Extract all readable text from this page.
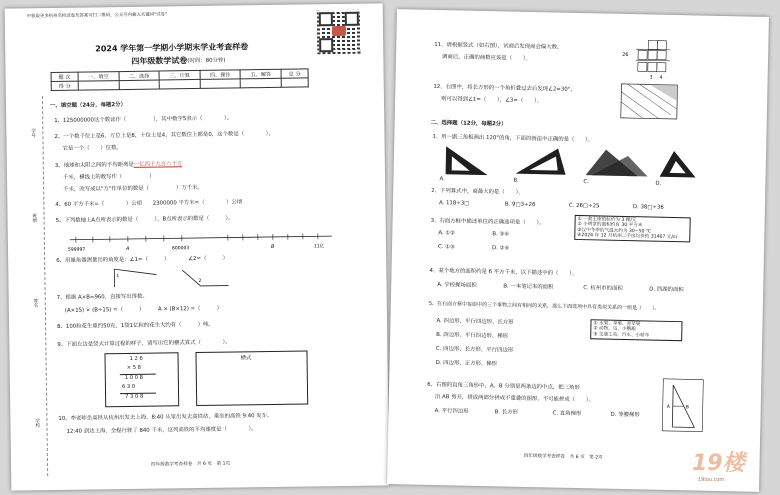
中获取更多杭州名校试卷及答案可扫二维码，公众号内输入关键词"试卷"
2024 学年第一学期小学期末学业考查样卷
四年级数学试卷 (时间：80分钟)
题 次	一、填空	二、选择	三、计算	四、操作	五、解答	总 分
得 分						
学号
班级
姓名
学校
一、填空题（24分，每题2分）
1、125000000这个数读作（　　　　　），其中数字5表示（　　　　）。
2、一个数千位上是6，万位上是8，十位上是4，其它数位上都是0，这个数是（　　　　），
它是一个（　　）位数。
3、地球和太阳之间的平均距离是一亿四千九百六十万
千米，横线上的数写作（　　　　　）
千米，改写成以"万"作单位的数是（　　　　　）万千米。
4、60 平方千米=（　　　　）公顷　　2300000 平方米=（　　　　）公顷
5、下列数轴上A点所表示的数是（　　　），B点所表示的数是（　　　）。
599997	A	600003	B	11亿
6、用量角器测量出的角度是：∠1=（　　　）　　　　∠2=（　　　）
1
2
7、根据 A×B=960，直接写出得数。
(A×15) × (B÷15) =（　　　）　　　A × (B×12) =（　　　）
8、100粒花生重约50克，1袋1亿粒的花生大约有（　　　）吨。
9、下面左边是竖式计算过程的样子，请写出它的横式算式（　　　　）。
1 2 6
× 5 8
1 0 0 8
6 3 0
7 3 0 8
横式
10、李老师坐高铁从杭州出发去上海，8:40 从家出发去高铁站，乘坐的高铁 9:40 发车，
12:40 到达上海，全程行驶了 840 千米，这列高铁的平均速度是（　　　　）。
四年级数学考查样卷　共 6 页　第 1页
11、请根据竖式（如右图），试商后发现商会偏大数。
调商后，正确的商数应该是（　　）。	26
3 4
12、右图中，将长方形的一个角折叠过去后发现∠2=30°，
则可以得到∠1=（　　），∠3=（　　）。
二、选择题（12分，每题2分）
1、用一副三角板画出 120°的角，下面的画法中正确的是（　　）。
A.	B.	C.	D.
2、下列算式中，商最大的是（　　）。
A. 118÷3□	B. 9□3÷26	C. 26□÷25	D. 38□÷36
3、右面方框中描述单位的正确选项是（　　）。
A. ①②	B. ③④
C. ①③	D. ②④
① 一款王座的标价为 3 棵/元
② 小明家的面积约有 30 平方米
③汉中冬季的气温大约为 30~50 ℃
④2024 年 12 月杭州二手房均价约 31467 元/㎡
4、某个地方的面积约是 6 平方千米，以下描述中的（　　）。
A. 学校操场面积	B. 一本笔记本的面积	C. 杭州市的面积	D. 西湖的面积
5、在右面方框中每组中的三个事物之间有相同的关系，那么下面选项中具有类似关系的一组是（　　）。
A. 四边形、平行四边形、长方形
B. 四边形、平行四边形、梯形
C. 四边形、长方形、平行四边形
D. 四边形、正方形、梯形
① 水果、苹果、青苹果
② 动物、鸟、小鹦鹉
③ 交通工具、汽车、小轿车
6、右图的直角三角形中，A、B 分别是两条边的中点，把三角形
沿 AB 剪开，拼成两部分拼成不重叠的图形，不可能拼成（　　）。
A. 平行四边形	B. 长方形	C. 直角梯形	D. 等腰梯形
A	B
四年级数学考查样卷　共 6 页　第 2页	19楼
19lou.com
